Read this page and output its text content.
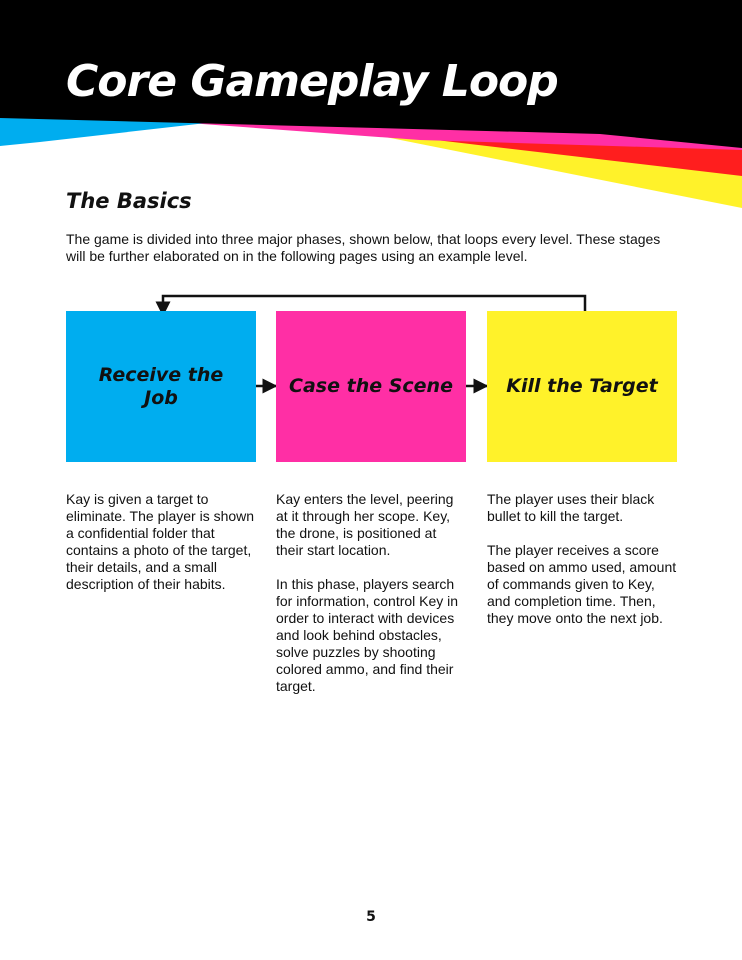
Core Gameplay Loop
The Basics
The game is divided into three major phases, shown below, that loops every level. These stages will be further elaborated on in the following pages using an example level.
Receive the Job
Case the Scene	Kill the Target

Kay is given a target to eliminate. The player is shown a confidential folder that contains a photo of the target, their details, and a small description of their habits.

Kay enters the level, peering at it through her scope. Key, the drone, is positioned at their start location.

In this phase, players search for information, control Key in order to interact with devices and look behind obstacles, solve puzzles by shooting colored ammo, and find their target.

The player uses their black bullet to kill the target.

The player receives a score based on ammo used, amount of commands given to Key, and completion time. Then, they move onto the next job.

5
